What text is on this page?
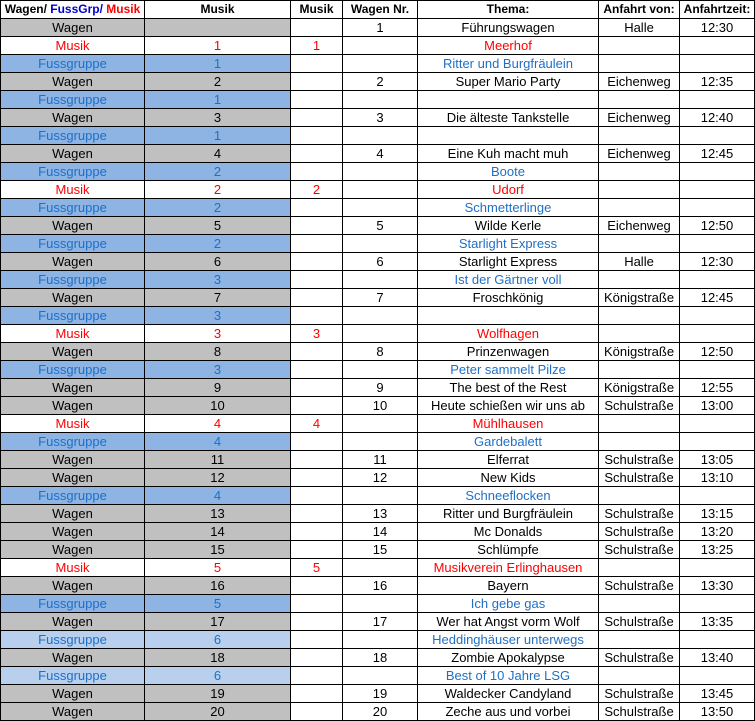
Wagen/ FussGrp/ Musik	Musik	Musik	Wagen Nr.	Thema:	Anfahrt von:	Anfahrtzeit:
Wagen			1	Führungswagen	Halle	12:30
Musik	1	1		Meerhof		
Fussgruppe	1			Ritter und Burgfräulein		
Wagen	2		2	Super Mario Party	Eichenweg	12:35
Fussgruppe	1					
Wagen	3		3	Die älteste Tankstelle	Eichenweg	12:40
Fussgruppe	1					
Wagen	4		4	Eine Kuh macht muh	Eichenweg	12:45
Fussgruppe	2			Boote		
Musik	2	2		Udorf		
Fussgruppe	2			Schmetterlinge		
Wagen	5		5	Wilde Kerle	Eichenweg	12:50
Fussgruppe	2			Starlight Express		
Wagen	6		6	Starlight Express	Halle	12:30
Fussgruppe	3			Ist der Gärtner voll		
Wagen	7		7	Froschkönig	Königstraße	12:45
Fussgruppe	3					
Musik	3	3		Wolfhagen		
Wagen	8		8	Prinzenwagen	Königstraße	12:50
Fussgruppe	3			Peter sammelt Pilze		
Wagen	9		9	The best of the Rest	Königstraße	12:55
Wagen	10		10	Heute schießen wir uns ab	Schulstraße	13:00
Musik	4	4		Mühlhausen		
Fussgruppe	4			Gardebalett		
Wagen	11		11	Elferrat	Schulstraße	13:05
Wagen	12		12	New Kids	Schulstraße	13:10
Fussgruppe	4			Schneeflocken		
Wagen	13		13	Ritter und Burgfräulein	Schulstraße	13:15
Wagen	14		14	Mc Donalds	Schulstraße	13:20
Wagen	15		15	Schlümpfe	Schulstraße	13:25
Musik	5	5		Musikverein Erlinghausen		
Wagen	16		16	Bayern	Schulstraße	13:30
Fussgruppe	5			Ich gebe gas		
Wagen	17		17	Wer hat Angst vorm Wolf	Schulstraße	13:35
Fussgruppe	6			Heddinghäuser unterwegs		
Wagen	18		18	Zombie Apokalypse	Schulstraße	13:40
Fussgruppe	6			Best of 10 Jahre LSG		
Wagen	19		19	Waldecker Candyland	Schulstraße	13:45
Wagen	20		20	Zeche aus und vorbei	Schulstraße	13:50
